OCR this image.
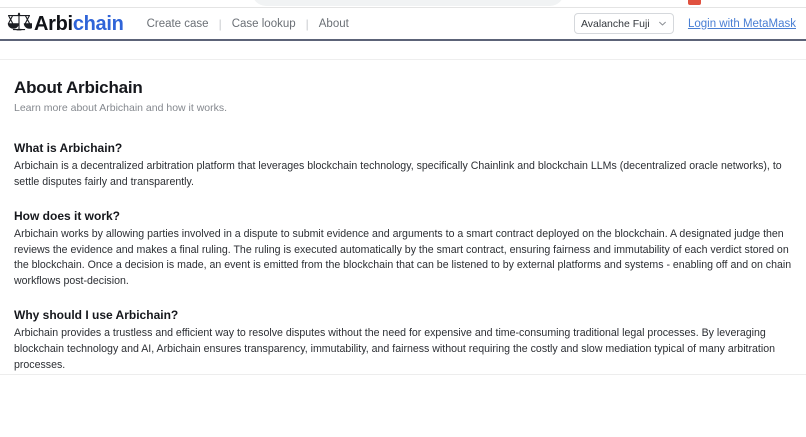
Arbichain	Create case | Case lookup | About	Avalanche Fuji	Login with MetaMask
About Arbichain

Learn more about Arbichain and how it works.

What is Arbichain?

Arbichain is a decentralized arbitration platform that leverages blockchain technology, specifically Chainlink and blockchain LLMs (decentralized oracle networks), to settle disputes fairly and transparently.

How does it work?

Arbichain works by allowing parties involved in a dispute to submit evidence and arguments to a smart contract deployed on the blockchain. A designated judge then reviews the evidence and makes a final ruling. The ruling is executed automatically by the smart contract, ensuring fairness and immutability of each verdict stored on the blockchain. Once a decision is made, an event is emitted from the blockchain that can be listened to by external platforms and systems - enabling off and on chain workflows post-decision.

Why should I use Arbichain?

Arbichain provides a trustless and efficient way to resolve disputes without the need for expensive and time-consuming traditional legal processes. By leveraging blockchain technology and AI, Arbichain ensures transparency, immutability, and fairness without requiring the costly and slow mediation typical of many arbitration processes.
